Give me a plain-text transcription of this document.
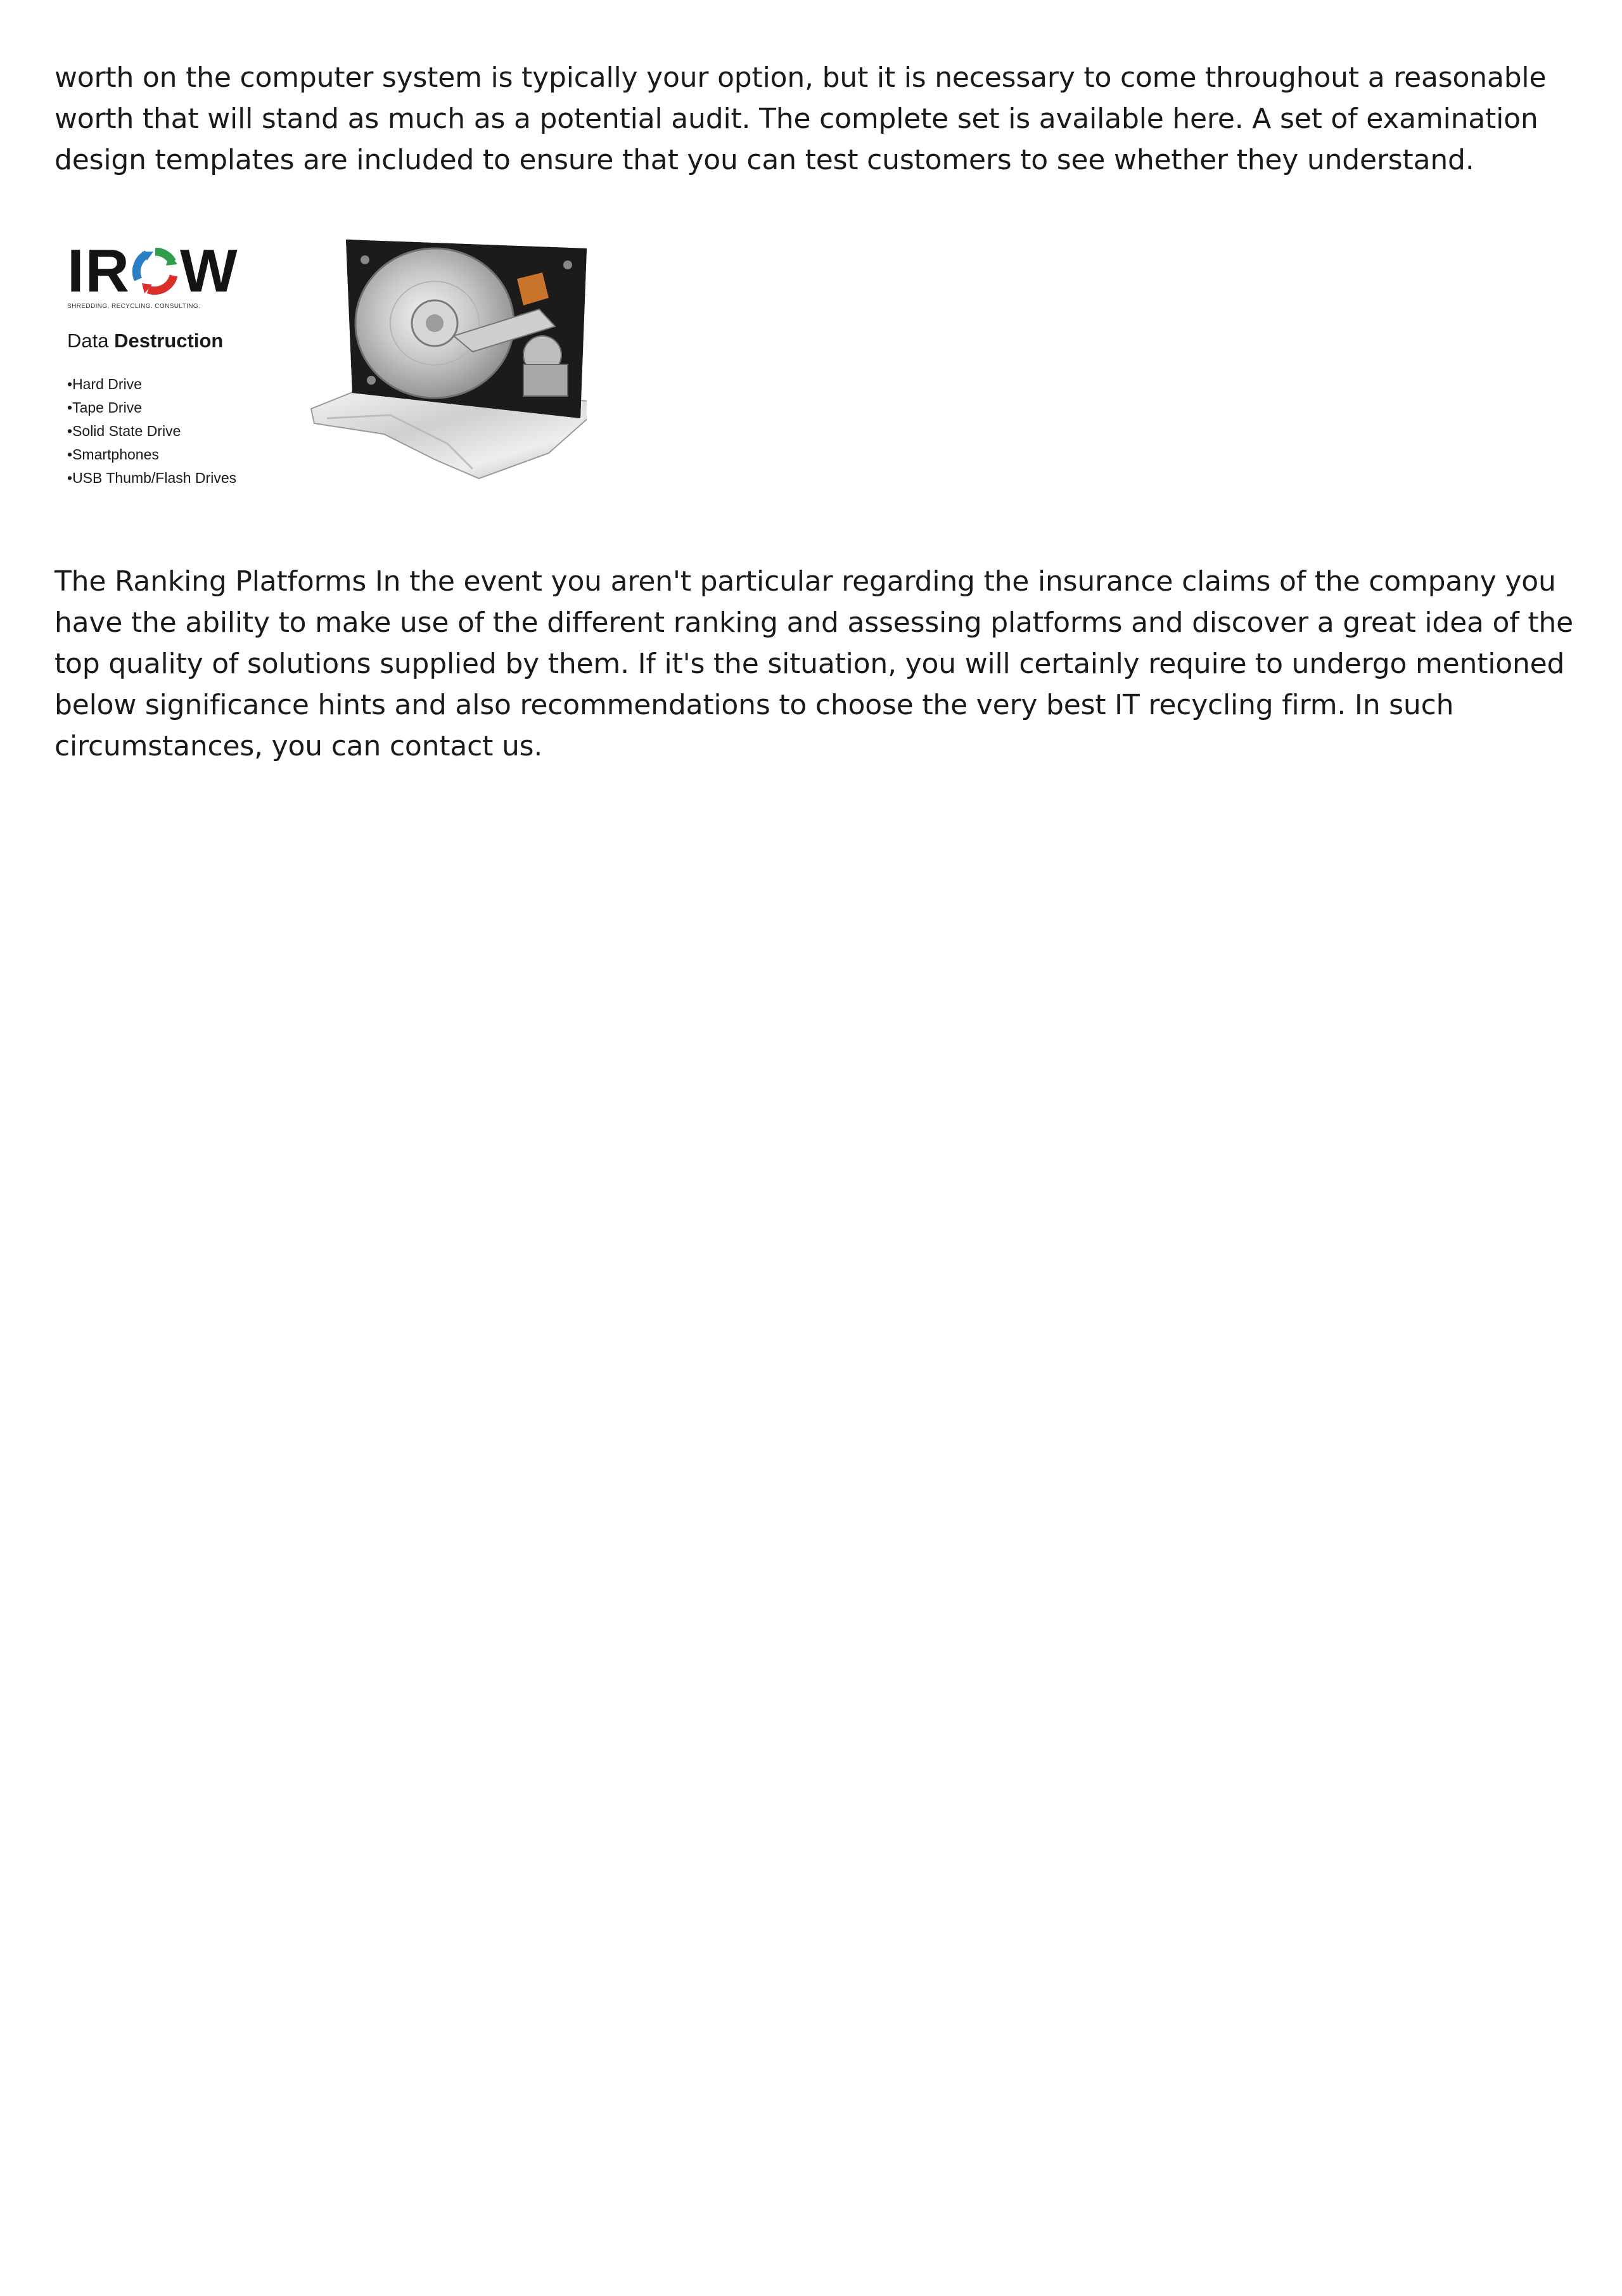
worth on the computer system is typically your option, but it is necessary to come throughout a reasonable worth that will stand as much as a potential audit. The complete set is available here. A set of examination design templates are included to ensure that you can test customers to see whether they understand.

IR W
SHREDDING. RECYCLING. CONSULTING.
Data Destruction
• Hard Drive
• Tape Drive
• Solid State Drive
• Smartphones
• USB Thumb/Flash Drives

The Ranking Platforms In the event you aren't particular regarding the insurance claims of the company you have the ability to make use of the different ranking and assessing platforms and discover a great idea of the top quality of solutions supplied by them. If it's the situation, you will certainly require to undergo mentioned below significance hints and also recommendations to choose the very best IT recycling firm. In such circumstances, you can contact us.
